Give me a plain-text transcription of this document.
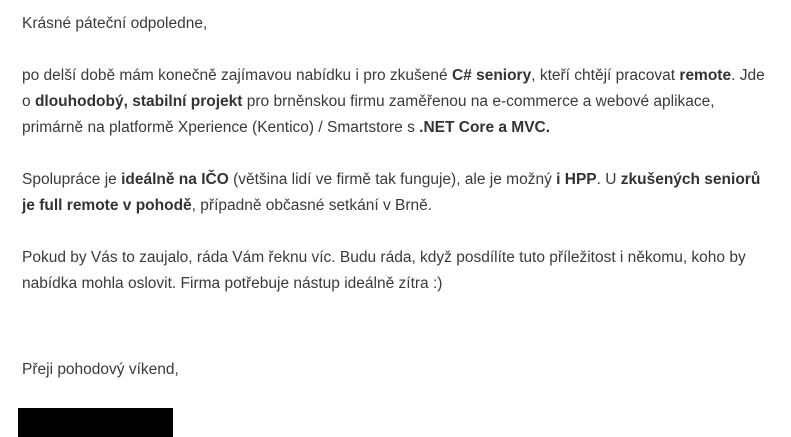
Krásné páteční odpoledne,

po delší době mám konečně zajímavou nabídku i pro zkušené C# seniory, kteří chtějí pracovat remote. Jde o dlouhodobý, stabilní projekt pro brněnskou firmu zaměřenou na e-commerce a webové aplikace, primárně na platformě Xperience (Kentico) / Smartstore s .NET Core a MVC.

Spolupráce je ideálně na IČO (většina lidí ve firmě tak funguje), ale je možný i HPP. U zkušených seniorů je full remote v pohodě, případně občasné setkání v Brně.

Pokud by Vás to zaujalo, ráda Vám řeknu víc. Budu ráda, když posdílíte tuto příležitost i někomu, koho by nabídka mohla oslovit. Firma potřebuje nástup ideálně zítra :)

Přeji pohodový víkend,
